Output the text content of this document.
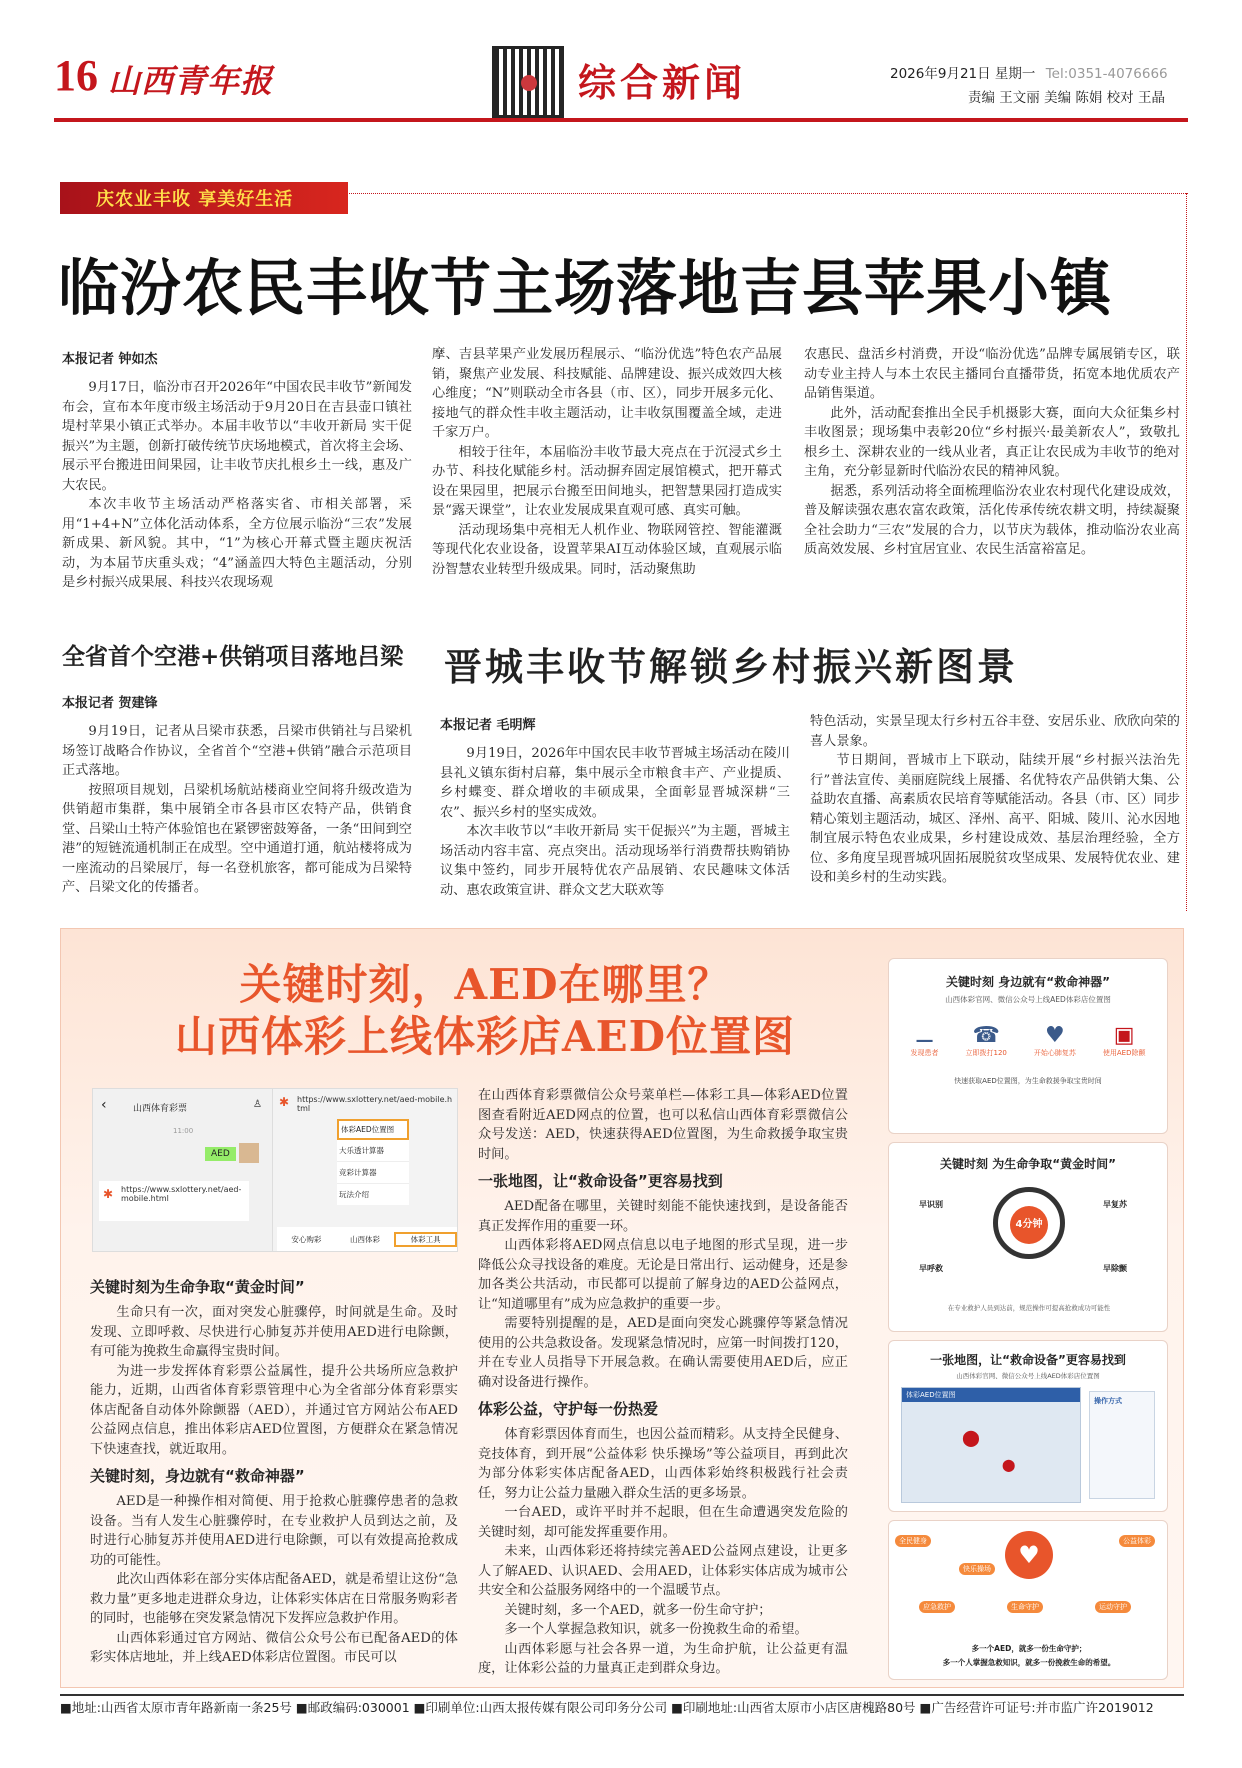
16 山西青年报	综合新闻	2026年9月21日 星期一 Tel:0351-4076666
责编 王文丽 美编 陈娟 校对 王晶
庆农业丰收 享美好生活
临汾农民丰收节主场落地吉县苹果小镇
本报记者 钟如杰

9月17日，临汾市召开2026年“中国农民丰收节”新闻发布会，宣布本年度市级主场活动于9月20日在吉县壶口镇社堤村苹果小镇正式举办。本届丰收节以“丰收开新局 实干促振兴”为主题，创新打破传统节庆场地模式，首次将主会场、展示平台搬进田间果园，让丰收节庆扎根乡土一线，惠及广大农民。

本次丰收节主场活动严格落实省、市相关部署，采用“1+4+N”立体化活动体系，全方位展示临汾“三农”发展新成果、新风貌。其中，“1”为核心开幕式暨主题庆祝活动，为本届节庆重头戏；“4”涵盖四大特色主题活动，分别是乡村振兴成果展、科技兴农现场观

摩、吉县苹果产业发展历程展示、“临汾优选”特色农产品展销，聚焦产业发展、科技赋能、品牌建设、振兴成效四大核心维度；“N”则联动全市各县（市、区），同步开展多元化、接地气的群众性丰收主题活动，让丰收氛围覆盖全域，走进千家万户。

相较于往年，本届临汾丰收节最大亮点在于沉浸式乡土办节、科技化赋能乡村。活动摒弃固定展馆模式，把开幕式设在果园里，把展示台搬至田间地头，把智慧果园打造成实景“露天课堂”，让农业发展成果直观可感、真实可触。

活动现场集中亮相无人机作业、物联网管控、智能灌溉等现代化农业设备，设置苹果AI互动体验区域，直观展示临汾智慧农业转型升级成果。同时，活动聚焦助

农惠民、盘活乡村消费，开设“临汾优选”品牌专属展销专区，联动专业主持人与本土农民主播同台直播带货，拓宽本地优质农产品销售渠道。

此外，活动配套推出全民手机摄影大赛，面向大众征集乡村丰收图景；现场集中表彰20位“乡村振兴·最美新农人”，致敬扎根乡土、深耕农业的一线从业者，真正让农民成为丰收节的绝对主角，充分彰显新时代临汾农民的精神风貌。

据悉，系列活动将全面梳理临汾农业农村现代化建设成效，普及解读强农惠农富农政策，活化传承传统农耕文明，持续凝聚全社会助力“三农”发展的合力，以节庆为载体，推动临汾农业高质高效发展、乡村宜居宜业、农民生活富裕富足。

全省首个空港+供销项目落地吕梁
本报记者 贺建锋

9月19日，记者从吕梁市获悉，吕梁市供销社与吕梁机场签订战略合作协议，全省首个“空港+供销”融合示范项目正式落地。

按照项目规划，吕梁机场航站楼商业空间将升级改造为供销超市集群，集中展销全市各县市区农特产品，供销食堂、吕梁山土特产体验馆也在紧锣密鼓筹备，一条“田间到空港”的短链流通机制正在成型。空中通道打通，航站楼将成为一座流动的吕梁展厅，每一名登机旅客，都可能成为吕梁特产、吕梁文化的传播者。

晋城丰收节解锁乡村振兴新图景
本报记者 毛明辉

9月19日，2026年中国农民丰收节晋城主场活动在陵川县礼义镇东街村启幕，集中展示全市粮食丰产、产业提质、乡村蝶变、群众增收的丰硕成果，全面彰显晋城深耕“三农”、振兴乡村的坚实成效。

本次丰收节以“丰收开新局 实干促振兴”为主题，晋城主场活动内容丰富、亮点突出。活动现场举行消费帮扶购销协议集中签约，同步开展特优农产品展销、农民趣味文体活动、惠农政策宣讲、群众文艺大联欢等

特色活动，实景呈现太行乡村五谷丰登、安居乐业、欣欣向荣的喜人景象。

节日期间，晋城市上下联动，陆续开展“乡村振兴法治先行”普法宣传、美丽庭院线上展播、名优特农产品供销大集、公益助农直播、高素质农民培育等赋能活动。各县（市、区）同步精心策划主题活动，城区、泽州、高平、阳城、陵川、沁水因地制宜展示特色农业成果，乡村建设成效、基层治理经验，全方位、多角度呈现晋城巩固拓展脱贫攻坚成果、发展特优农业、建设和美乡村的生动实践。

关键时刻，AED在哪里？
山西体彩上线体彩店AED位置图
‹	山西体育彩票	♙
11:00
AED
✱ https://www.sxlottery.net/aed-mobile.html
✱ https://www.sxlottery.net/aed-mobile.html
体彩AED位置图
大乐透计算器
竞彩计算器
玩法介绍
安心购彩	山西体彩	体彩工具
关键时刻为生命争取“黄金时间”

生命只有一次，面对突发心脏骤停，时间就是生命。及时发现、立即呼救、尽快进行心肺复苏并使用AED进行电除颤，有可能为挽救生命赢得宝贵时间。

为进一步发挥体育彩票公益属性，提升公共场所应急救护能力，近期，山西省体育彩票管理中心为全省部分体育彩票实体店配备自动体外除颤器（AED），并通过官方网站公布AED公益网点信息，推出体彩店AED位置图，方便群众在紧急情况下快速查找，就近取用。

关键时刻，身边就有“救命神器”

AED是一种操作相对简便、用于抢救心脏骤停患者的急救设备。当有人发生心脏骤停时，在专业救护人员到达之前，及时进行心肺复苏并使用AED进行电除颤，可以有效提高抢救成功的可能性。

此次山西体彩在部分实体店配备AED，就是希望让这份“急救力量”更多地走进群众身边，让体彩实体店在日常服务购彩者的同时，也能够在突发紧急情况下发挥应急救护作用。

山西体彩通过官方网站、微信公众号公布已配备AED的体彩实体店地址，并上线AED体彩店位置图。市民可以

在山西体育彩票微信公众号菜单栏—体彩工具—体彩AED位置图查看附近AED网点的位置，也可以私信山西体育彩票微信公众号发送：AED，快速获得AED位置图，为生命救援争取宝贵时间。

一张地图，让“救命设备”更容易找到

AED配备在哪里，关键时刻能不能快速找到，是设备能否真正发挥作用的重要一环。

山西体彩将AED网点信息以电子地图的形式呈现，进一步降低公众寻找设备的难度。无论是日常出行、运动健身，还是参加各类公共活动，市民都可以提前了解身边的AED公益网点，让“知道哪里有”成为应急救护的重要一步。

需要特别提醒的是，AED是面向突发心跳骤停等紧急情况使用的公共急救设备。发现紧急情况时，应第一时间拨打120，并在专业人员指导下开展急救。在确认需要使用AED后，应正确对设备进行操作。

体彩公益，守护每一份热爱

体育彩票因体育而生，也因公益而精彩。从支持全民健身、竞技体育，到开展“公益体彩 快乐操场”等公益项目，再到此次为部分体彩实体店配备AED，山西体彩始终积极践行社会责任，努力让公益力量融入群众生活的更多场景。

一台AED，或许平时并不起眼，但在生命遭遇突发危险的关键时刻，却可能发挥重要作用。

未来，山西体彩还将持续完善AED公益网点建设，让更多人了解AED、认识AED、会用AED，让体彩实体店成为城市公共安全和公益服务网络中的一个温暖节点。

关键时刻，多一个AED，就多一份生命守护；

多一个人掌握急救知识，就多一份挽救生命的希望。

山西体彩愿与社会各界一道，为生命护航，让公益更有温度，让体彩公益的力量真正走到群众身边。

关键时刻 身边就有“救命神器”
山西体彩官网、微信公众号上线AED体彩店位置图
⚊
发现患者
☎
立即拨打120
♥
开始心肺复苏
▣
使用AED除颤
快速获取AED位置图，为生命救援争取宝贵时间
关键时刻 为生命争取“黄金时间”
4分钟
早识别
早呼救
早复苏
早除颤
在专业救护人员到达前，规范操作可提高抢救成功可能性
一张地图，让“救命设备”更容易找到
山西体彩官网、微信公众号上线AED体彩店位置图
体彩AED位置图
⬤
⬤
操作方式
♥
全民健身
快乐操场
公益体彩
应急救护	生命守护	运动守护
多一个AED，就多一份生命守护；
多一个人掌握急救知识，就多一份挽救生命的希望。
■地址:山西省太原市青年路新南一条25号 ■邮政编码:030001 ■印刷单位:山西太报传媒有限公司印务分公司 ■印刷地址:山西省太原市小店区唐槐路80号 ■广告经营许可证号:并市监广许2019012
